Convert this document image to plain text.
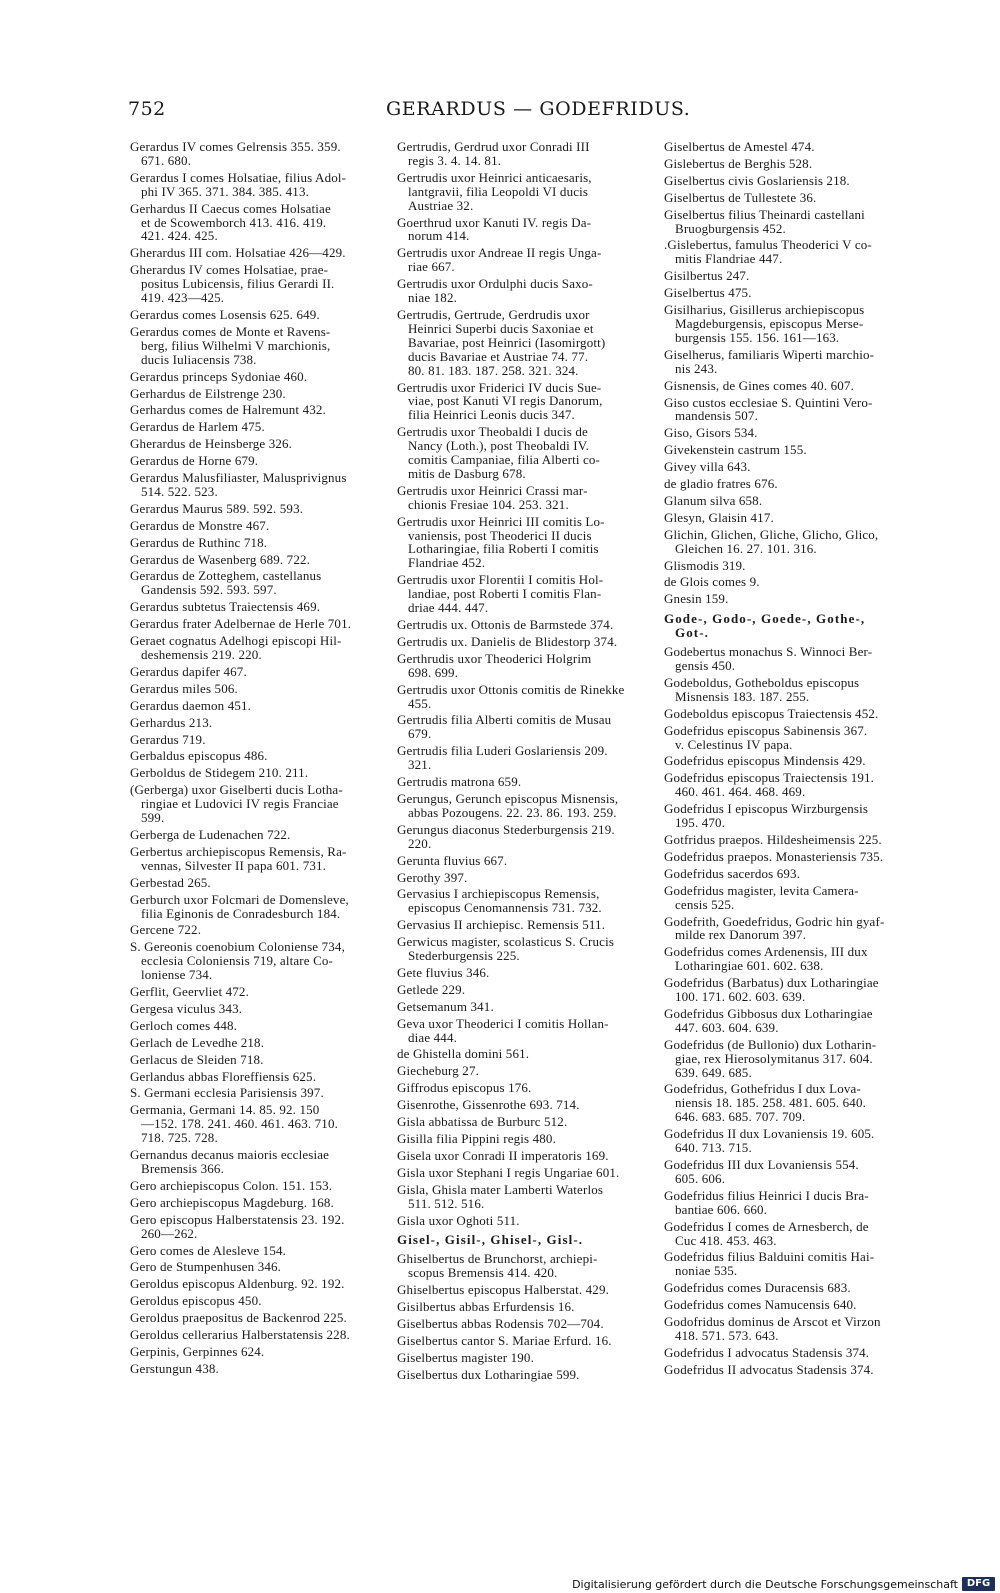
752	GERARDUS — GODEFRIDUS.

Gerardus IV comes Gelrensis 355. 359.
671. 680.

Gerardus I comes Holsatiae, filius Adol-
phi IV 365. 371. 384. 385. 413.

Gerhardus II Caecus comes Holsatiae
et de Scowemborch 413. 416. 419.
421. 424. 425.

Gherardus III com. Holsatiae 426—429.

Gherardus IV comes Holsatiae, prae-
positus Lubicensis, filius Gerardi II.
419. 423—425.

Gerardus comes Losensis 625. 649.

Gerardus comes de Monte et Ravens-
berg, filius Wilhelmi V marchionis,
ducis Iuliacensis 738.

Gerardus princeps Sydoniae 460.

Gerhardus de Eilstrenge 230.

Gerhardus comes de Halremunt 432.

Gerardus de Harlem 475.

Gherardus de Heinsberge 326.

Gerardus de Horne 679.

Gerardus Malusfiliaster, Malusprivignus
514. 522. 523.

Gerardus Maurus 589. 592. 593.

Gerardus de Monstre 467.

Gerardus de Ruthinc 718.

Gerardus de Wasenberg 689. 722.

Gerardus de Zotteghem, castellanus
Gandensis 592. 593. 597.

Gerardus subtetus Traiectensis 469.

Gerardus frater Adelbernae de Herle 701.

Geraet cognatus Adelhogi episcopi Hil-
deshemensis 219. 220.

Gerardus dapifer 467.

Gerardus miles 506.

Gerardus daemon 451.

Gerhardus 213.

Gerardus 719.

Gerbaldus episcopus 486.

Gerboldus de Stidegem 210. 211.

(Gerberga) uxor Giselberti ducis Lotha-
ringiae et Ludovici IV regis Franciae
599.

Gerberga de Ludenachen 722.

Gerbertus archiepiscopus Remensis, Ra-
vennas, Silvester II papa 601. 731.

Gerbestad 265.

Gerburch uxor Folcmari de Domensleve,
filia Eginonis de Conradesburch 184.

Gercene 722.

S. Gereonis coenobium Coloniense 734,
ecclesia Coloniensis 719, altare Co-
loniense 734.

Gerflit, Geervliet 472.

Gergesa viculus 343.

Gerloch comes 448.

Gerlach de Levedhe 218.

Gerlacus de Sleiden 718.

Gerlandus abbas Floreffiensis 625.

S. Germani ecclesia Parisiensis 397.

Germania, Germani 14. 85. 92. 150
—152. 178. 241. 460. 461. 463. 710.
718. 725. 728.

Gernandus decanus maioris ecclesiae
Bremensis 366.

Gero archiepiscopus Colon. 151. 153.

Gero archiepiscopus Magdeburg. 168.

Gero episcopus Halberstatensis 23. 192.
260—262.

Gero comes de Alesleve 154.

Gero de Stumpenhusen 346.

Geroldus episcopus Aldenburg. 92. 192.

Geroldus episcopus 450.

Geroldus praepositus de Backenrod 225.

Geroldus cellerarius Halberstatensis 228.

Gerpinis, Gerpinnes 624.

Gerstungun 438.

Gertrudis, Gerdrud uxor Conradi III
regis 3. 4. 14. 81.

Gertrudis uxor Heinrici anticaesaris,
lantgravii, filia Leopoldi VI ducis
Austriae 32.

Goerthrud uxor Kanuti IV. regis Da-
norum 414.

Gertrudis uxor Andreae II regis Unga-
riae 667.

Gertrudis uxor Ordulphi ducis Saxo-
niae 182.

Gertrudis, Gertrude, Gerdrudis uxor
Heinrici Superbi ducis Saxoniae et
Bavariae, post Heinrici (Iasomirgott)
ducis Bavariae et Austriae 74. 77.
80. 81. 183. 187. 258. 321. 324.

Gertrudis uxor Friderici IV ducis Sue-
viae, post Kanuti VI regis Danorum,
filia Heinrici Leonis ducis 347.

Gertrudis uxor Theobaldi I ducis de
Nancy (Loth.), post Theobaldi IV.
comitis Campaniae, filia Alberti co-
mitis de Dasburg 678.

Gertrudis uxor Heinrici Crassi mar-
chionis Fresiae 104. 253. 321.

Gertrudis uxor Heinrici III comitis Lo-
vaniensis, post Theoderici II ducis
Lotharingiae, filia Roberti I comitis
Flandriae 452.

Gertrudis uxor Florentii I comitis Hol-
landiae, post Roberti I comitis Flan-
driae 444. 447.

Gertrudis ux. Ottonis de Barmstede 374.

Gertrudis ux. Danielis de Blidestorp 374.

Gerthrudis uxor Theoderici Holgrim
698. 699.

Gertrudis uxor Ottonis comitis de Rinekke
455.

Gertrudis filia Alberti comitis de Musau
679.

Gertrudis filia Luderi Goslariensis 209.
321.

Gertrudis matrona 659.

Gerungus, Gerunch episcopus Misnensis,
abbas Pozougens. 22. 23. 86. 193. 259.

Gerungus diaconus Stederburgensis 219.
220.

Gerunta fluvius 667.

Gerothy 397.

Gervasius I archiepiscopus Remensis,
episcopus Cenomannensis 731. 732.

Gervasius II archiepisc. Remensis 511.

Gerwicus magister, scolasticus S. Crucis
Stederburgensis 225.

Gete fluvius 346.

Getlede 229.

Getsemanum 341.

Geva uxor Theoderici I comitis Hollan-
diae 444.

de Ghistella domini 561.

Giecheburg 27.

Giffrodus episcopus 176.

Gisenrothe, Gissenrothe 693. 714.

Gisla abbatissa de Burburc 512.

Gisilla filia Pippini regis 480.

Gisela uxor Conradi II imperatoris 169.

Gisla uxor Stephani I regis Ungariae 601.

Gisla, Ghisla mater Lamberti Waterlos
511. 512. 516.

Gisla uxor Oghoti 511.

Gisel-, Gisil-, Ghisel-, Gisl-.

Ghiselbertus de Brunchorst, archiepi-
scopus Bremensis 414. 420.

Ghiselbertus episcopus Halberstat. 429.

Gisilbertus abbas Erfurdensis 16.

Giselbertus abbas Rodensis 702—704.

Giselbertus cantor S. Mariae Erfurd. 16.

Giselbertus magister 190.

Giselbertus dux Lotharingiae 599.

Giselbertus de Amestel 474.

Gislebertus de Berghis 528.

Giselbertus civis Goslariensis 218.

Giselbertus de Tullestete 36.

Giselbertus filius Theinardi castellani
Bruogburgensis 452.

.Gislebertus, famulus Theoderici V co-
mitis Flandriae 447.

Gisilbertus 247.

Giselbertus 475.

Gisilharius, Gisillerus archiepiscopus
Magdeburgensis, episcopus Merse-
burgensis 155. 156. 161—163.

Giselherus, familiaris Wiperti marchio-
nis 243.

Gisnensis, de Gines comes 40. 607.

Giso custos ecclesiae S. Quintini Vero-
mandensis 507.

Giso, Gisors 534.

Givekenstein castrum 155.

Givey villa 643.

de gladio fratres 676.

Glanum silva 658.

Glesyn, Glaisin 417.

Glichin, Glichen, Gliche, Glicho, Glico,
Gleichen 16. 27. 101. 316.

Glismodis 319.

de Glois comes 9.

Gnesin 159.

Gode-, Godo-, Goede-, Gothe-,
Got-.

Godebertus monachus S. Winnoci Ber-
gensis 450.

Godeboldus, Gotheboldus episcopus
Misnensis 183. 187. 255.

Godeboldus episcopus Traiectensis 452.

Godefridus episcopus Sabinensis 367.
v. Celestinus IV papa.

Godefridus episcopus Mindensis 429.

Godefridus episcopus Traiectensis 191.
460. 461. 464. 468. 469.

Godefridus I episcopus Wirzburgensis
195. 470.

Gotfridus praepos. Hildesheimensis 225.

Godefridus praepos. Monasteriensis 735.

Godefridus sacerdos 693.

Godefridus magister, levita Camera-
censis 525.

Godefrith, Goedefridus, Godric hin gyaf-
milde rex Danorum 397.

Godefridus comes Ardenensis, III dux
Lotharingiae 601. 602. 638.

Godefridus (Barbatus) dux Lotharingiae
100. 171. 602. 603. 639.

Godefridus Gibbosus dux Lotharingiae
447. 603. 604. 639.

Godefridus (de Bullonio) dux Lotharin-
giae, rex Hierosolymitanus 317. 604.
639. 649. 685.

Godefridus, Gothefridus I dux Lova-
niensis 18. 185. 258. 481. 605. 640.
646. 683. 685. 707. 709.

Godefridus II dux Lovaniensis 19. 605.
640. 713. 715.

Godefridus III dux Lovaniensis 554.
605. 606.

Godefridus filius Heinrici I ducis Bra-
bantiae 606. 660.

Godefridus I comes de Arnesberch, de
Cuc 418. 453. 463.

Godefridus filius Balduini comitis Hai-
noniae 535.

Godefridus comes Duracensis 683.

Godefridus comes Namucensis 640.

Godofridus dominus de Arscot et Virzon
418. 571. 573. 643.

Godefridus I advocatus Stadensis 374.

Godefridus II advocatus Stadensis 374.

Digitalisierung gefördert durch die Deutsche Forschungsgemeinschaft DFG
